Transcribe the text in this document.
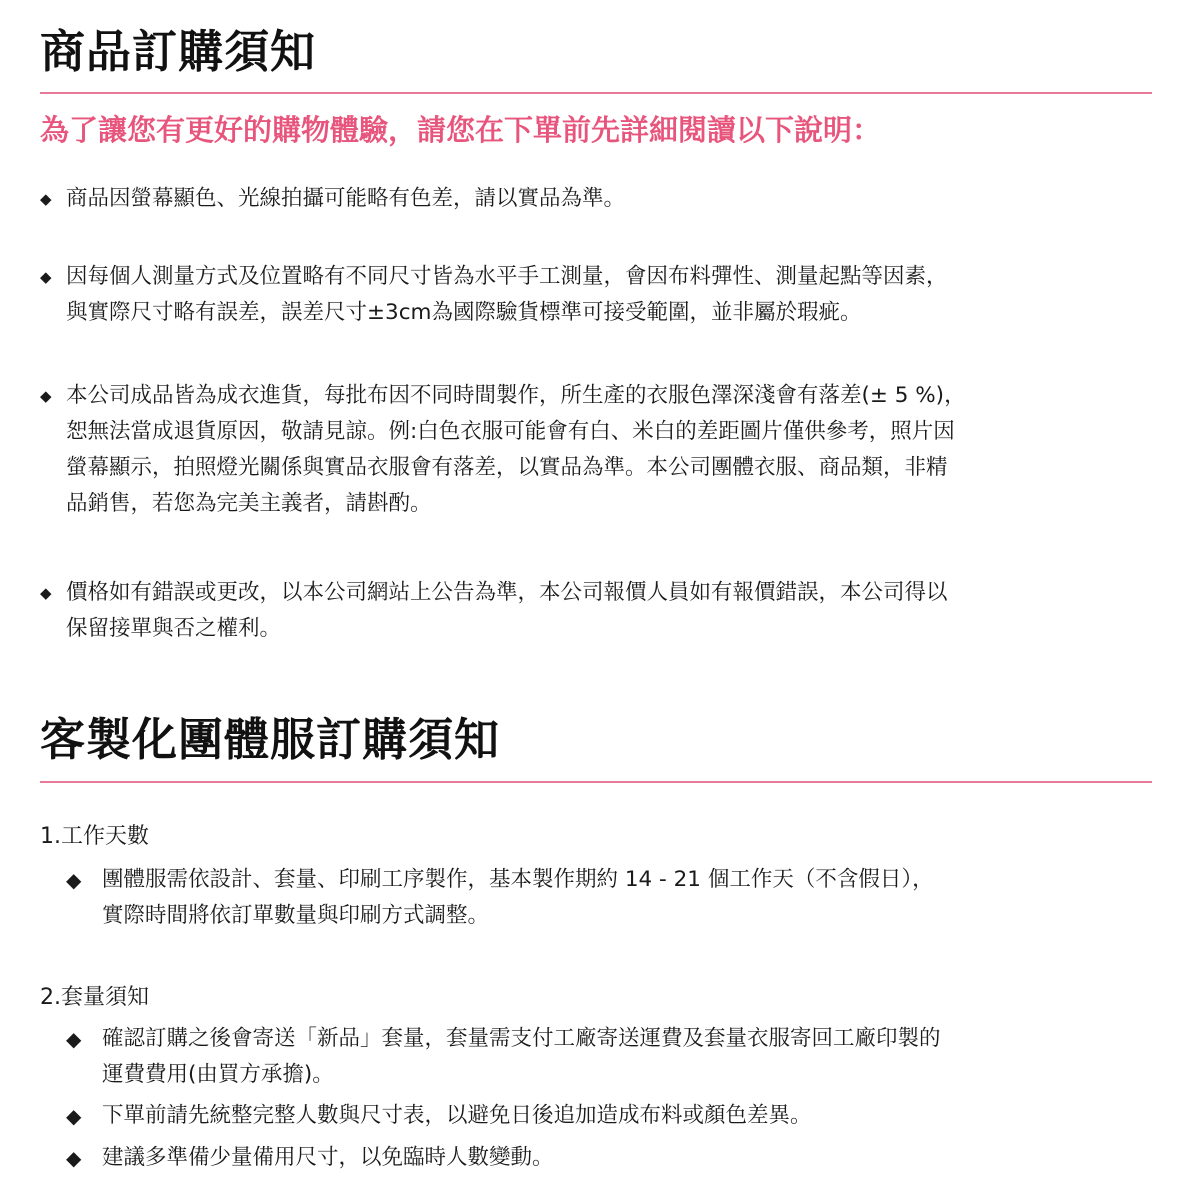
商品訂購須知
為了讓您有更好的購物體驗，請您在下單前先詳細閱讀以下說明：
◆ 商品因螢幕顯色、光線拍攝可能略有色差，請以實品為準。
◆ 因每個人測量方式及位置略有不同尺寸皆為水平手工測量，會因布料彈性、測量起點等因素，
與實際尺寸略有誤差，誤差尺寸±3cm為國際驗貨標準可接受範圍，並非屬於瑕疵。
◆ 本公司成品皆為成衣進貨，每批布因不同時間製作，所生產的衣服色澤深淺會有落差(± 5 %)，
恕無法當成退貨原因，敬請見諒。例:白色衣服可能會有白、米白的差距圖片僅供參考，照片因
螢幕顯示，拍照燈光關係與實品衣服會有落差，以實品為準。本公司團體衣服、商品類，非精
品銷售，若您為完美主義者，請斟酌。
◆ 價格如有錯誤或更改，以本公司網站上公告為準，本公司報價人員如有報價錯誤，本公司得以
保留接單與否之權利。
客製化團體服訂購須知
1.工作天數
◆ 團體服需依設計、套量、印刷工序製作，基本製作期約 14 - 21 個工作天（不含假日），
實際時間將依訂單數量與印刷方式調整。
2.套量須知
◆ 確認訂購之後會寄送「新品」套量，套量需支付工廠寄送運費及套量衣服寄回工廠印製的
運費費用(由買方承擔)。
◆ 下單前請先統整完整人數與尺寸表，以避免日後追加造成布料或顏色差異。
◆ 建議多準備少量備用尺寸，以免臨時人數變動。
